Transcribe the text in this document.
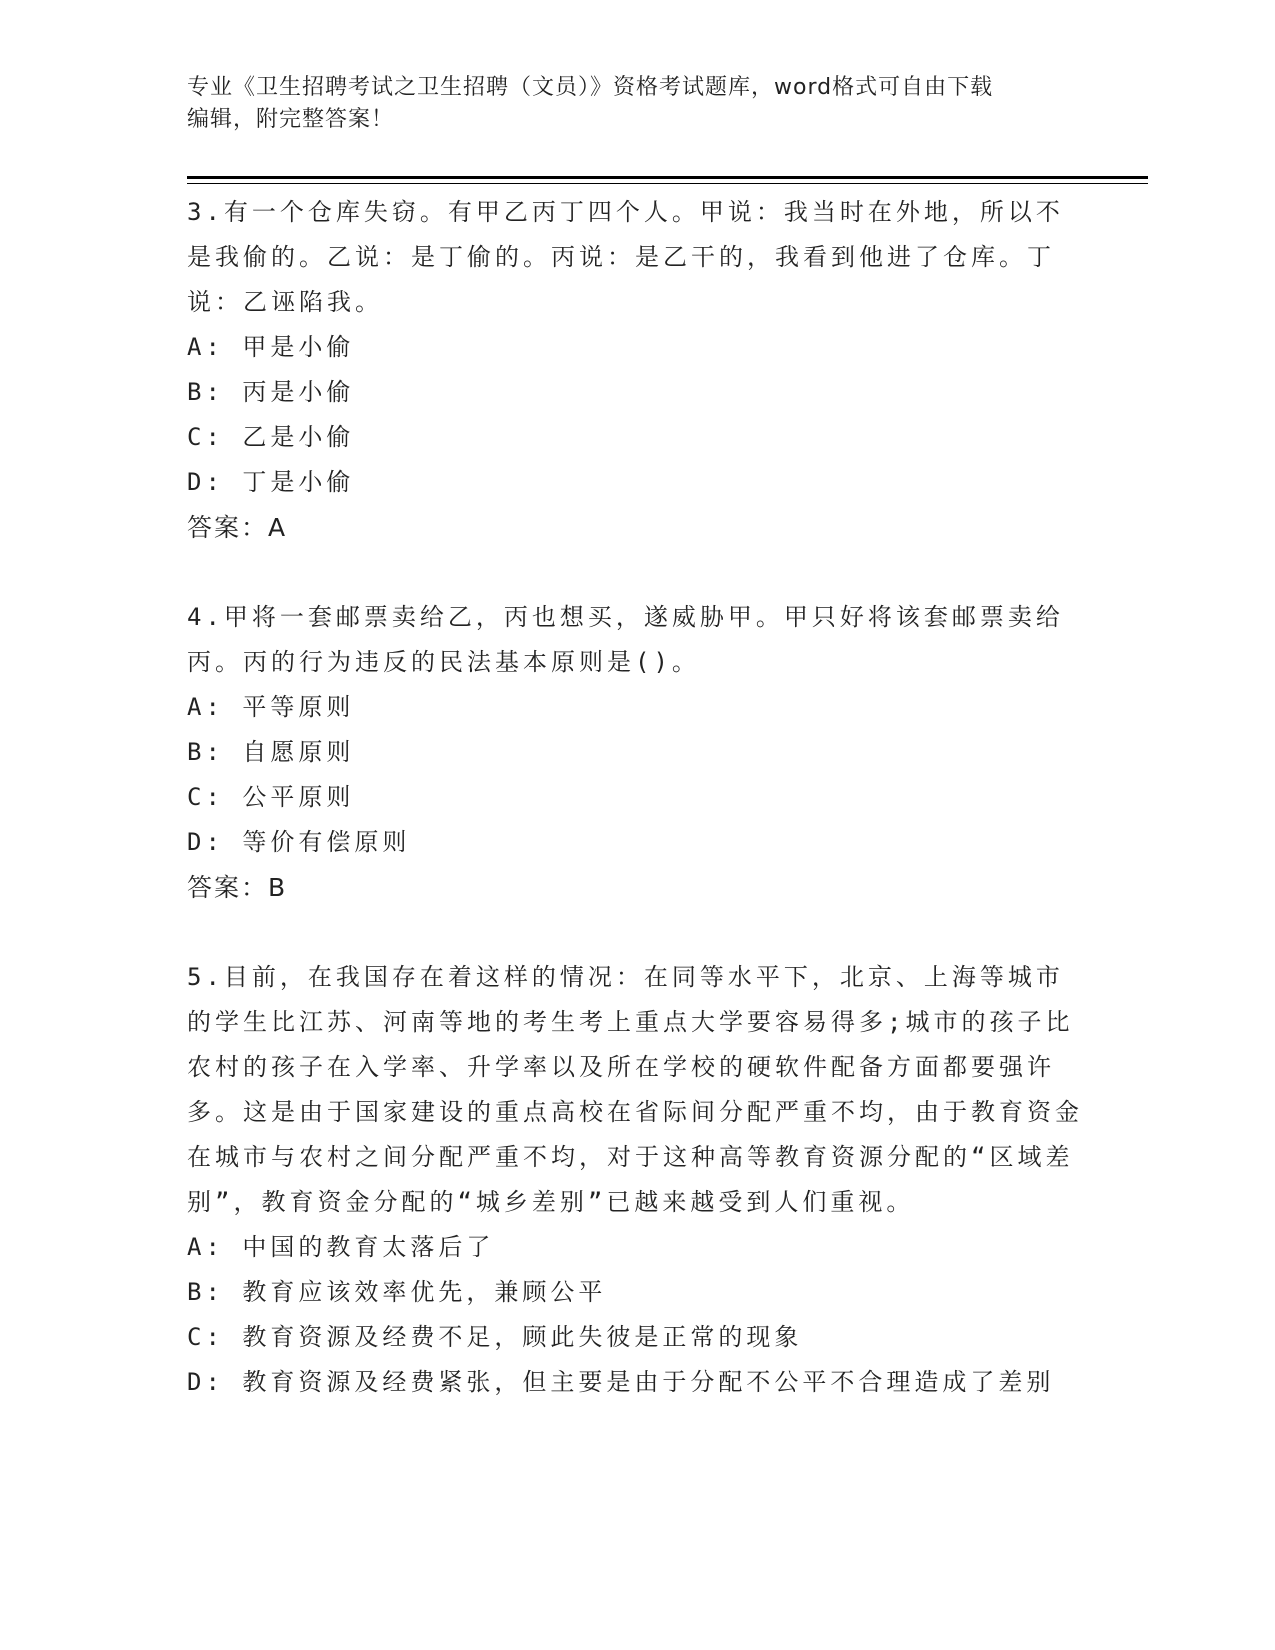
专业《卫生招聘考试之卫生招聘（文员）》资格考试题库，word格式可自由下载
编辑，附完整答案！

3.有一个仓库失窃。有甲乙丙丁四个人。甲说：我当时在外地，所以不是我偷的。乙说：是丁偷的。丙说：是乙干的，我看到他进了仓库。丁说：乙诬陷我。

A: 甲是小偷
B: 丙是小偷
C: 乙是小偷
D: 丁是小偷
答案：A

4.甲将一套邮票卖给乙，丙也想买，遂威胁甲。甲只好将该套邮票卖给丙。丙的行为违反的民法基本原则是()。

A: 平等原则
B: 自愿原则
C: 公平原则
D: 等价有偿原则
答案：B

5.目前，在我国存在着这样的情况：在同等水平下，北京、上海等城市的学生比江苏、河南等地的考生考上重点大学要容易得多;城市的孩子比农村的孩子在入学率、升学率以及所在学校的硬软件配备方面都要强许多。这是由于国家建设的重点高校在省际间分配严重不均，由于教育资金在城市与农村之间分配严重不均，对于这种高等教育资源分配的“区域差别”，教育资金分配的“城乡差别”已越来越受到人们重视。

A: 中国的教育太落后了
B: 教育应该效率优先，兼顾公平
C: 教育资源及经费不足，顾此失彼是正常的现象
D: 教育资源及经费紧张，但主要是由于分配不公平不合理造成了差别
